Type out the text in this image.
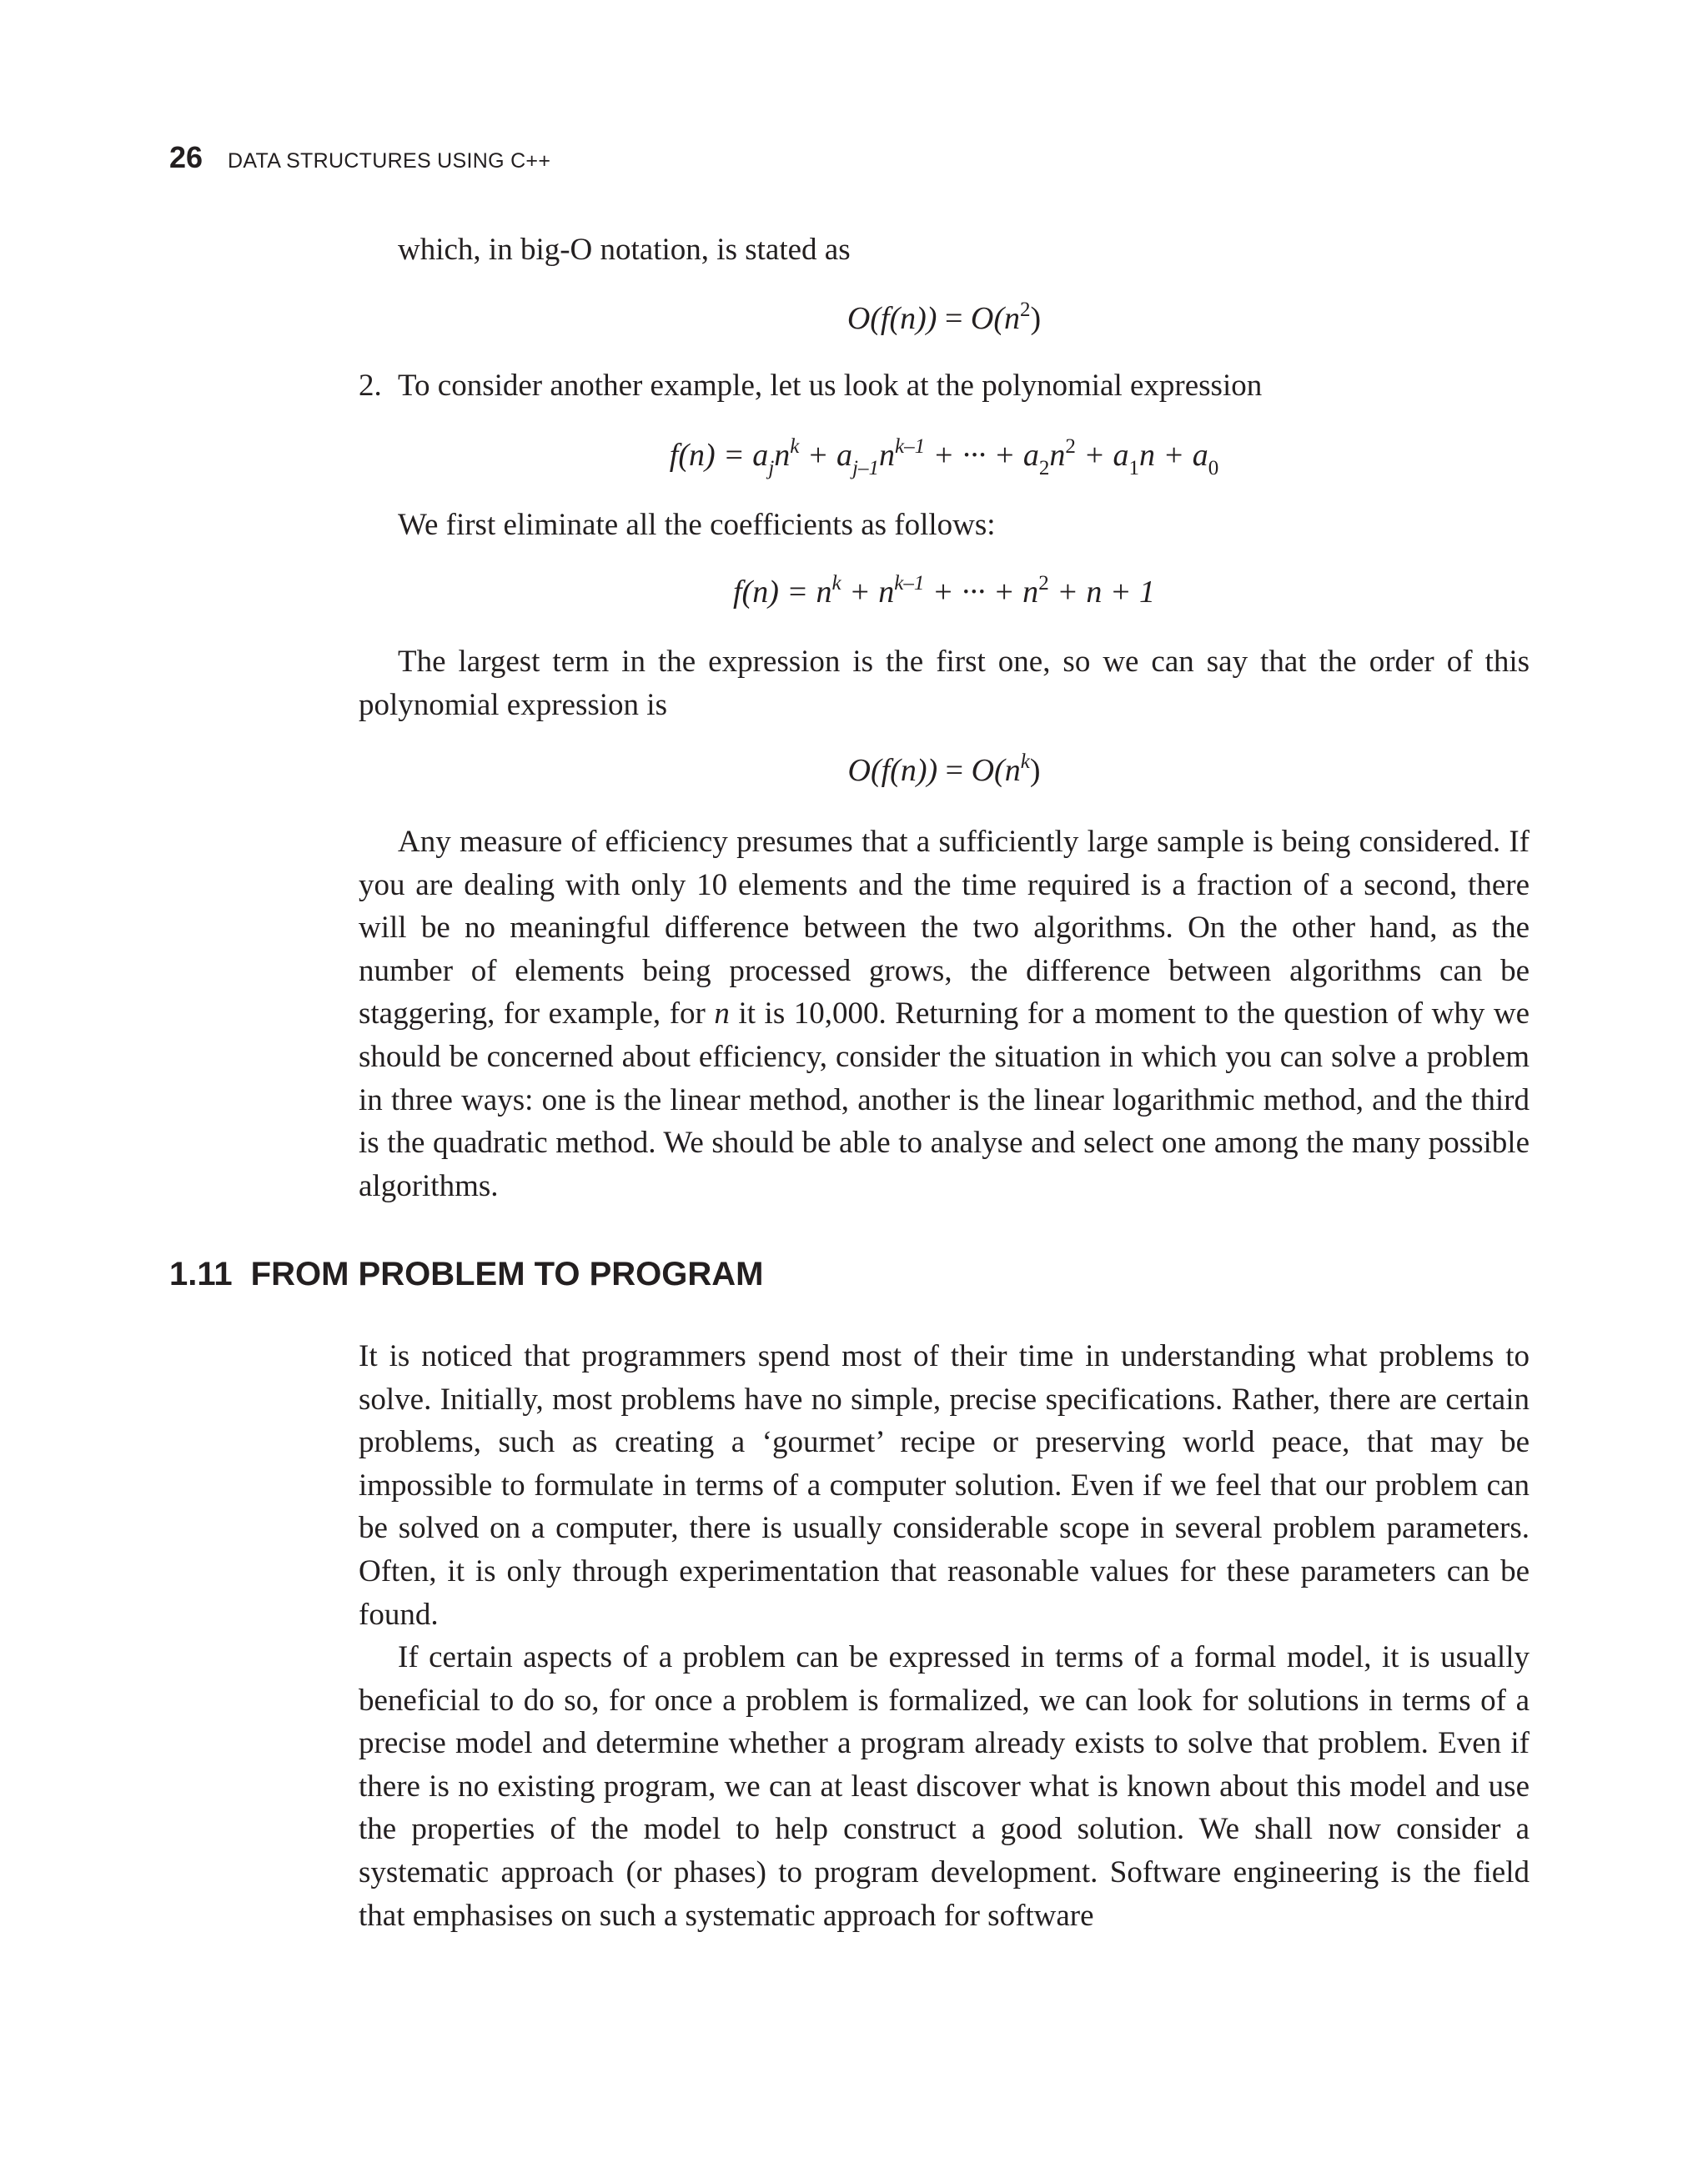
26 DATA STRUCTURES USING C++

which, in big-O notation, is stated as

$O(f(n)) = O(n^2)$

2. To consider another example, let us look at the polynomial expression

$f(n) = a_jn^k + a_{j-1}n^{k-1}$ + ··· + $a_2n^2 + a_1n + a_0$

We first eliminate all the coefficients as follows:

$f(n) = n^k + n^{k-1}$ + ··· + $n^2 + n + 1$

The largest term in the expression is the first one, so we can say that the order of this polynomial expression is

$O(f(n)) = O(n^k)$

Any measure of efficiency presumes that a sufficiently large sample is being considered. If you are dealing with only 10 elements and the time required is a fraction of a second, there will be no meaningful difference between the two algorithms. On the other hand, as the number of elements being processed grows, the difference between algorithms can be staggering, for example, for n it is 10,000. Returning for a moment to the question of why we should be concerned about efficiency, consider the situation in which you can solve a problem in three ways: one is the linear method, another is the linear logarithmic method, and the third is the quadratic method. We should be able to analyse and select one among the many possible algorithms.

1.11 FROM PROBLEM TO PROGRAM

It is noticed that programmers spend most of their time in understanding what problems to solve. Initially, most problems have no simple, precise specifications. Rather, there are certain problems, such as creating a ‘gourmet’ recipe or preserving world peace, that may be impossible to formulate in terms of a computer solution. Even if we feel that our problem can be solved on a computer, there is usually considerable scope in several problem parameters. Often, it is only through experimentation that reasonable values for these parameters can be found.

If certain aspects of a problem can be expressed in terms of a formal model, it is usually beneficial to do so, for once a problem is formalized, we can look for solutions in terms of a precise model and determine whether a program already exists to solve that problem. Even if there is no existing program, we can at least discover what is known about this model and use the properties of the model to help construct a good solution. We shall now consider a systematic approach (or phases) to program development. Software engineering is the field that emphasises on such a systematic approach for software
